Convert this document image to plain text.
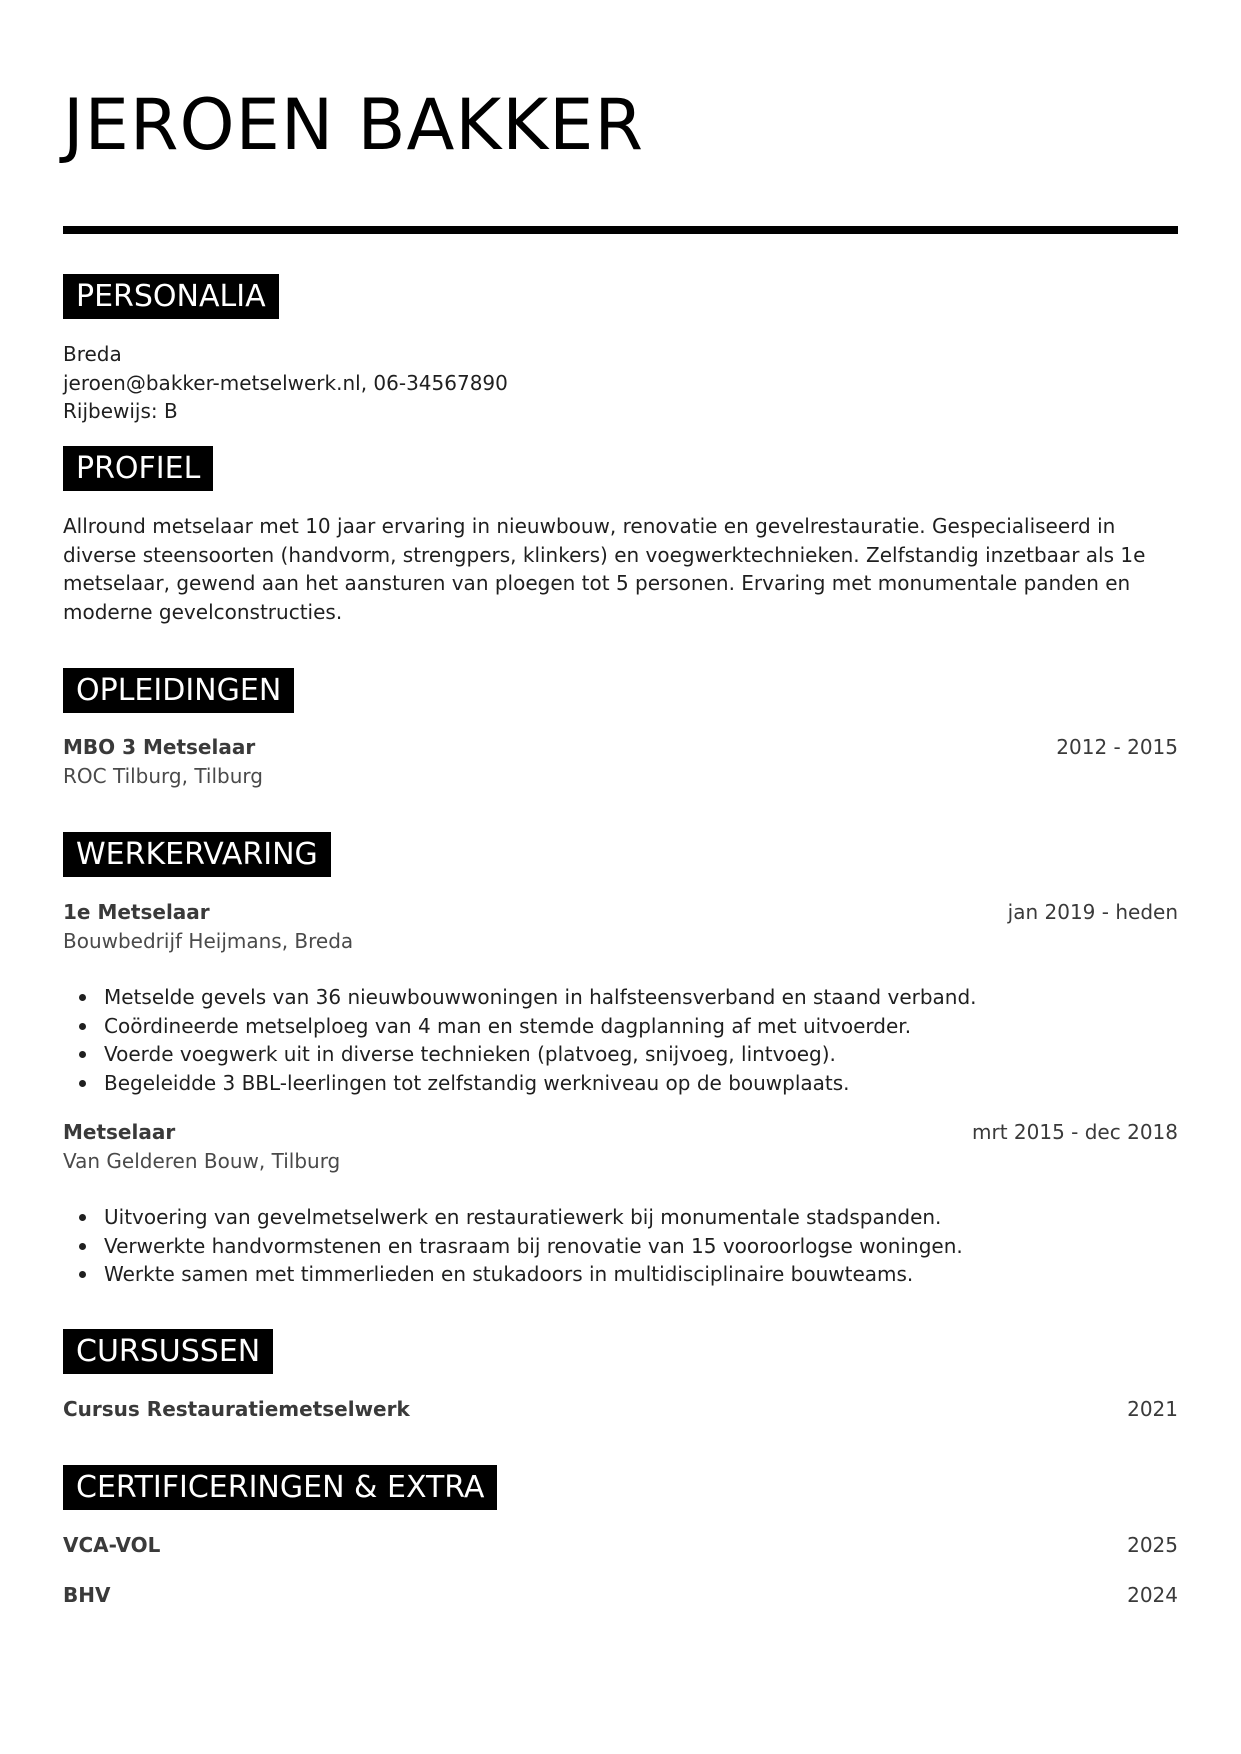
JEROEN BAKKER
PERSONALIA

Breda

jeroen@bakker-metselwerk.nl, 06-34567890

Rijbewijs: B

PROFIEL

Allround metselaar met 10 jaar ervaring in nieuwbouw, renovatie en gevelrestauratie. Gespecialiseerd in

diverse steensoorten (handvorm, strengpers, klinkers) en voegwerktechnieken. Zelfstandig inzetbaar als 1e

metselaar, gewend aan het aansturen van ploegen tot 5 personen. Ervaring met monumentale panden en

moderne gevelconstructies.

OPLEIDINGEN
MBO 3 Metselaar	2012 - 2015
ROC Tilburg, Tilburg
WERKERVARING
1e Metselaar	jan 2019 - heden
Bouwbedrijf Heijmans, Breda
Metselde gevels van 36 nieuwbouwwoningen in halfsteensverband en staand verband.
Coördineerde metselploeg van 4 man en stemde dagplanning af met uitvoerder.
Voerde voegwerk uit in diverse technieken (platvoeg, snijvoeg, lintvoeg).
Begeleidde 3 BBL-leerlingen tot zelfstandig werkniveau op de bouwplaats.
Metselaar	mrt 2015 - dec 2018
Van Gelderen Bouw, Tilburg
Uitvoering van gevelmetselwerk en restauratiewerk bij monumentale stadspanden.
Verwerkte handvormstenen en trasraam bij renovatie van 15 vooroorlogse woningen.
Werkte samen met timmerlieden en stukadoors in multidisciplinaire bouwteams.
CURSUSSEN
Cursus Restauratiemetselwerk	2021
CERTIFICERINGEN & EXTRA
VCA-VOL	2025
BHV	2024
